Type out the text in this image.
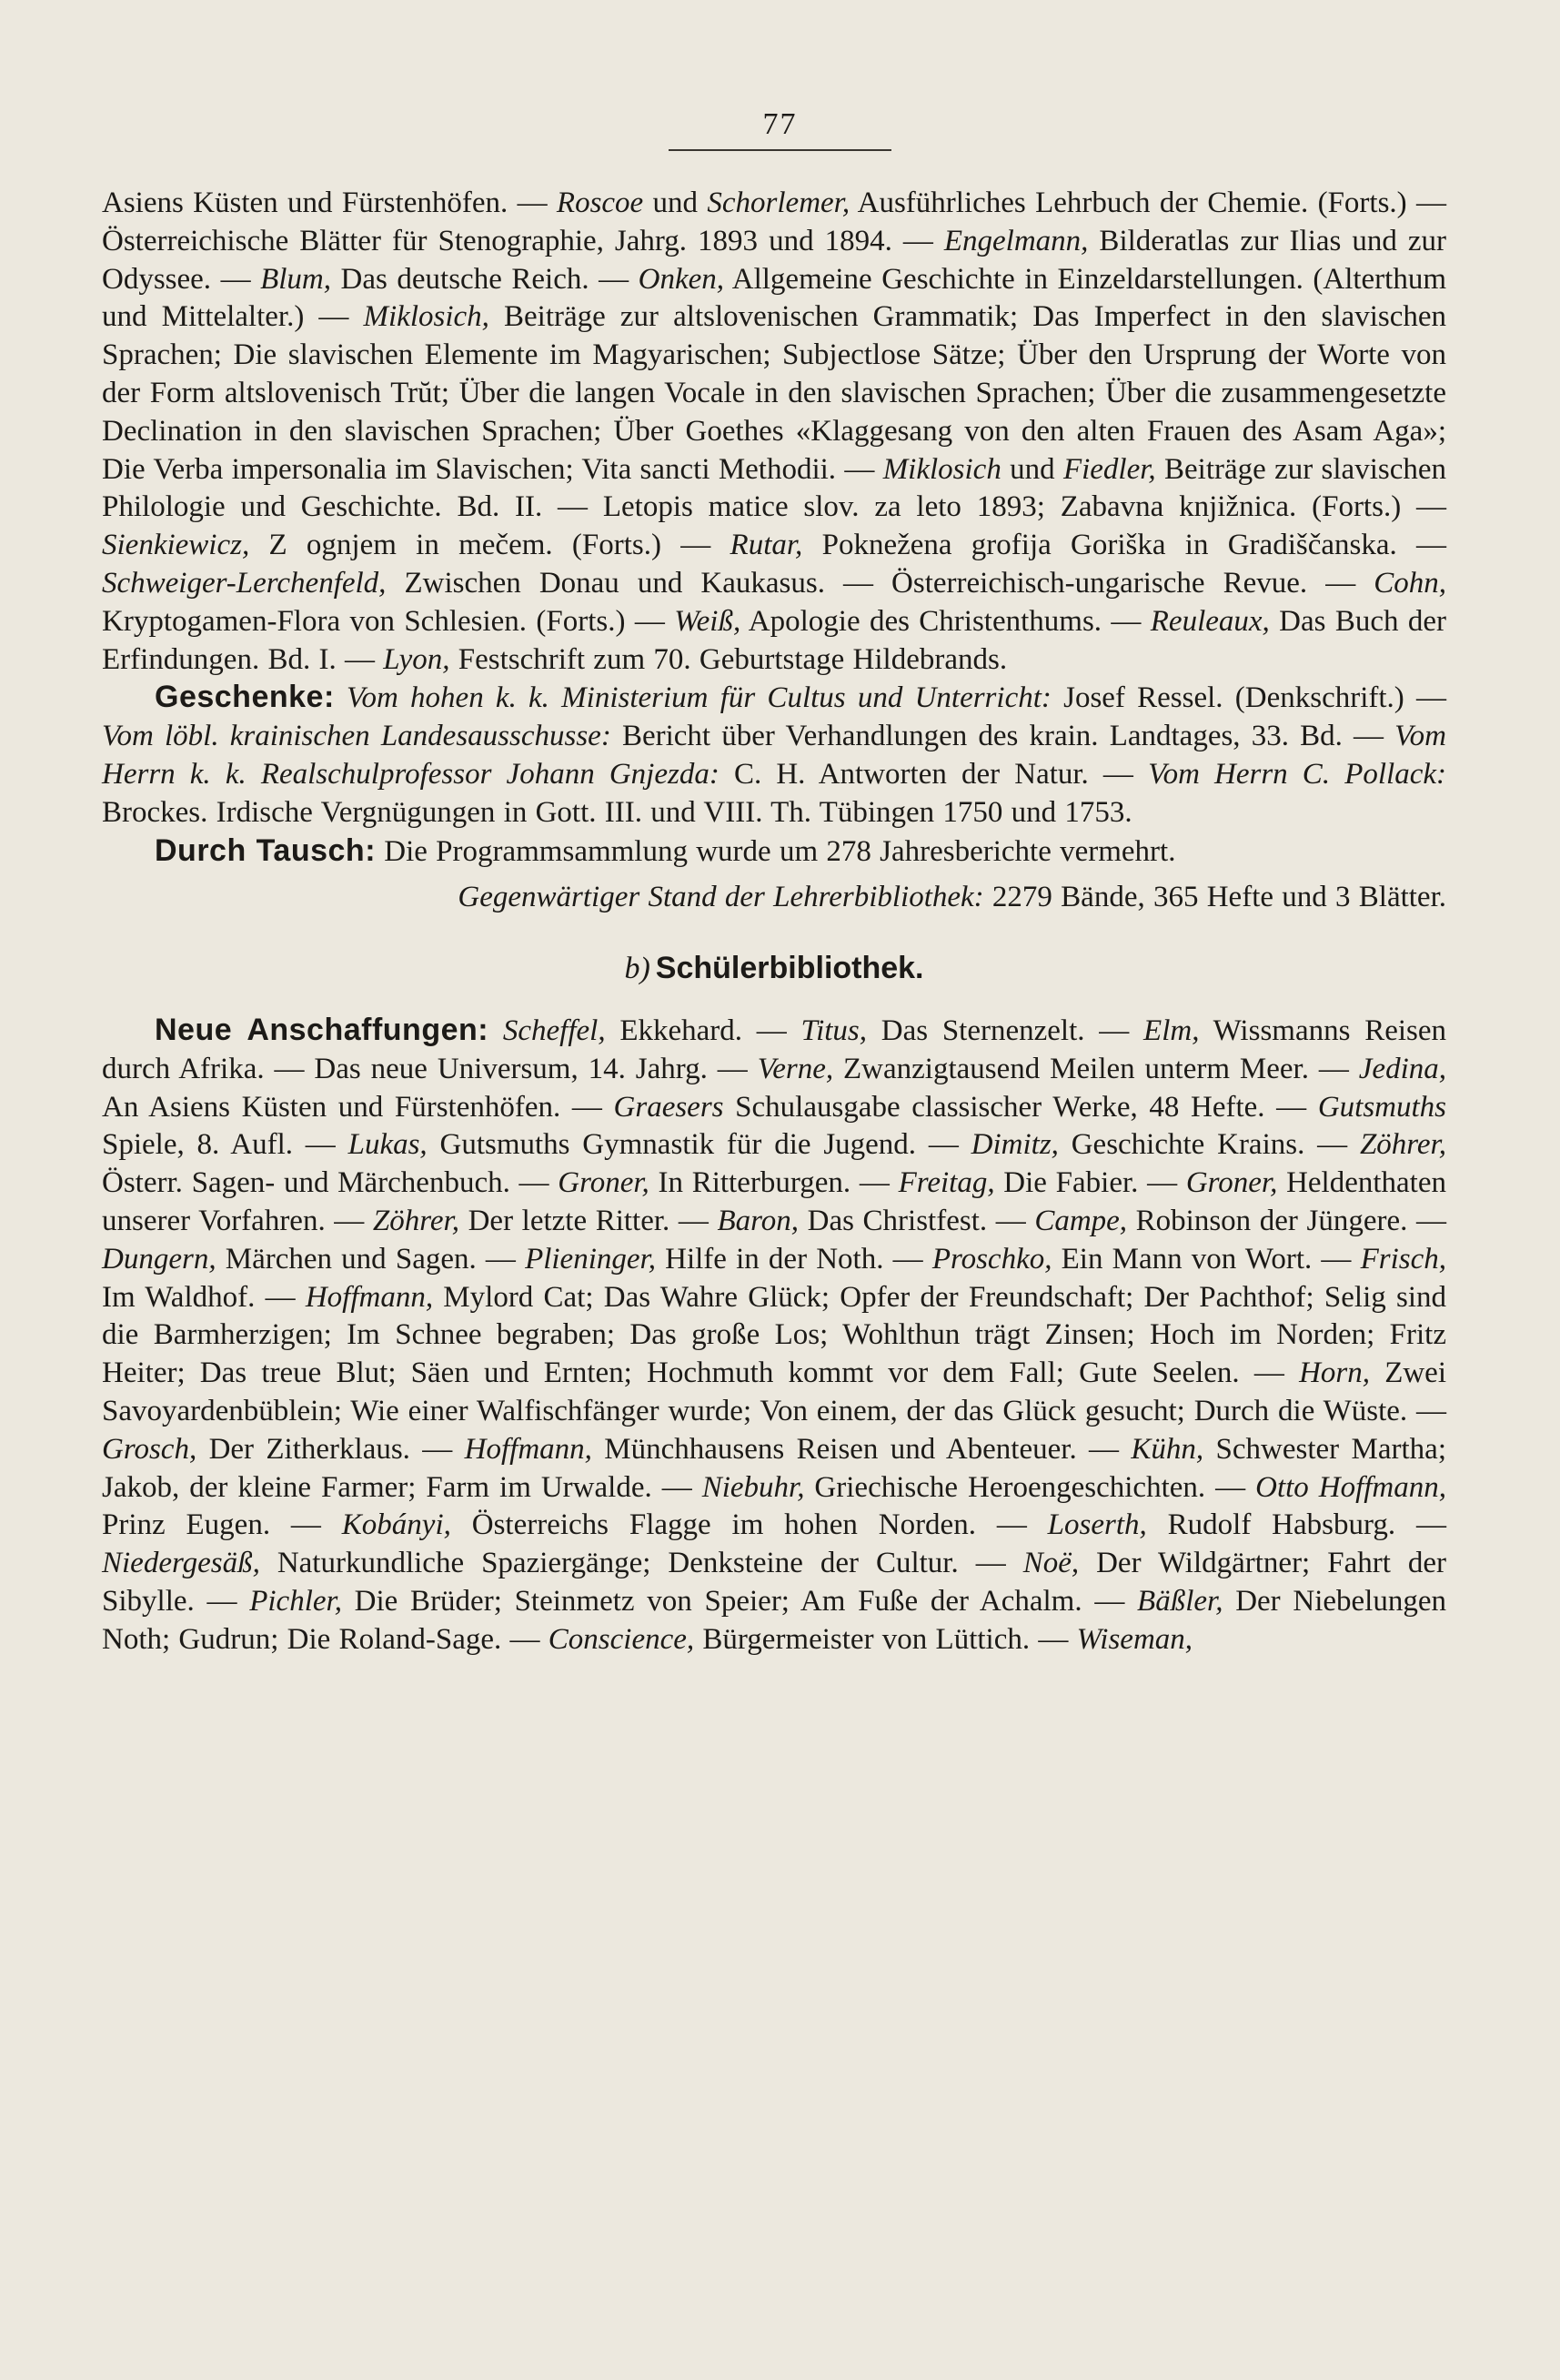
77

Asiens Küsten und Fürstenhöfen. — Roscoe und Schorlemer, Ausführliches Lehrbuch der Chemie. (Forts.) — Österreichische Blätter für Stenographie, Jahrg. 1893 und 1894. — Engelmann, Bilderatlas zur Ilias und zur Odyssee. — Blum, Das deutsche Reich. — Onken, Allgemeine Geschichte in Einzeldarstellungen. (Alterthum und Mittelalter.) — Miklosich, Beiträge zur altslovenischen Grammatik; Das Imperfect in den slavischen Sprachen; Die slavischen Elemente im Magyarischen; Subjectlose Sätze; Über den Ursprung der Worte von der Form altslovenisch Trŭt; Über die langen Vocale in den slavischen Sprachen; Über die zusammengesetzte Declination in den slavischen Sprachen; Über Goethes «Klaggesang von den alten Frauen des Asam Aga»; Die Verba impersonalia im Slavischen; Vita sancti Methodii. — Miklosich und Fiedler, Beiträge zur slavischen Philologie und Geschichte. Bd. II. — Letopis matice slov. za leto 1893; Zabavna knjižnica. (Forts.) — Sienkiewicz, Z ognjem in mečem. (Forts.) — Rutar, Poknežena grofija Goriška in Gradiščanska. — Schweiger-Lerchenfeld, Zwischen Donau und Kaukasus. — Österreichisch-ungarische Revue. — Cohn, Kryptogamen-Flora von Schlesien. (Forts.) — Weiß, Apologie des Christenthums. — Reuleaux, Das Buch der Erfindungen. Bd. I. — Lyon, Festschrift zum 70. Geburtstage Hildebrands.

Geschenke: Vom hohen k. k. Ministerium für Cultus und Unterricht: Josef Ressel. (Denkschrift.) — Vom löbl. krainischen Landesausschusse: Bericht über Verhandlungen des krain. Landtages, 33. Bd. — Vom Herrn k. k. Realschulprofessor Johann Gnjezda: C. H. Antworten der Natur. — Vom Herrn C. Pollack: Brockes. Irdische Vergnügungen in Gott. III. und VIII. Th. Tübingen 1750 und 1753.

Durch Tausch: Die Programmsammlung wurde um 278 Jahresberichte vermehrt.

Gegenwärtiger Stand der Lehrerbibliothek: 2279 Bände, 365 Hefte und 3 Blätter.

b) Schülerbibliothek.

Neue Anschaffungen: Scheffel, Ekkehard. — Titus, Das Sternenzelt. — Elm, Wissmanns Reisen durch Afrika. — Das neue Universum, 14. Jahrg. — Verne, Zwanzigtausend Meilen unterm Meer. — Jedina, An Asiens Küsten und Fürstenhöfen. — Graesers Schulausgabe classischer Werke, 48 Hefte. — Gutsmuths Spiele, 8. Aufl. — Lukas, Gutsmuths Gymnastik für die Jugend. — Dimitz, Geschichte Krains. — Zöhrer, Österr. Sagen- und Märchenbuch. — Groner, In Ritterburgen. — Freitag, Die Fabier. — Groner, Heldenthaten unserer Vorfahren. — Zöhrer, Der letzte Ritter. — Baron, Das Christfest. — Campe, Robinson der Jüngere. — Dungern, Märchen und Sagen. — Plieninger, Hilfe in der Noth. — Proschko, Ein Mann von Wort. — Frisch, Im Waldhof. — Hoffmann, Mylord Cat; Das Wahre Glück; Opfer der Freundschaft; Der Pachthof; Selig sind die Barmherzigen; Im Schnee begraben; Das große Los; Wohlthun trägt Zinsen; Hoch im Norden; Fritz Heiter; Das treue Blut; Säen und Ernten; Hochmuth kommt vor dem Fall; Gute Seelen. — Horn, Zwei Savoyardenbüblein; Wie einer Walfischfänger wurde; Von einem, der das Glück gesucht; Durch die Wüste. — Grosch, Der Zitherklaus. — Hoffmann, Münchhausens Reisen und Abenteuer. — Kühn, Schwester Martha; Jakob, der kleine Farmer; Farm im Urwalde. — Niebuhr, Griechische Heroengeschichten. — Otto Hoffmann, Prinz Eugen. — Kobányi, Österreichs Flagge im hohen Norden. — Loserth, Rudolf Habsburg. — Niedergesäß, Naturkundliche Spaziergänge; Denksteine der Cultur. — Noë, Der Wildgärtner; Fahrt der Sibylle. — Pichler, Die Brüder; Steinmetz von Speier; Am Fuße der Achalm. — Bäßler, Der Niebelungen Noth; Gudrun; Die Roland-Sage. — Conscience, Bürgermeister von Lüttich. — Wiseman,
